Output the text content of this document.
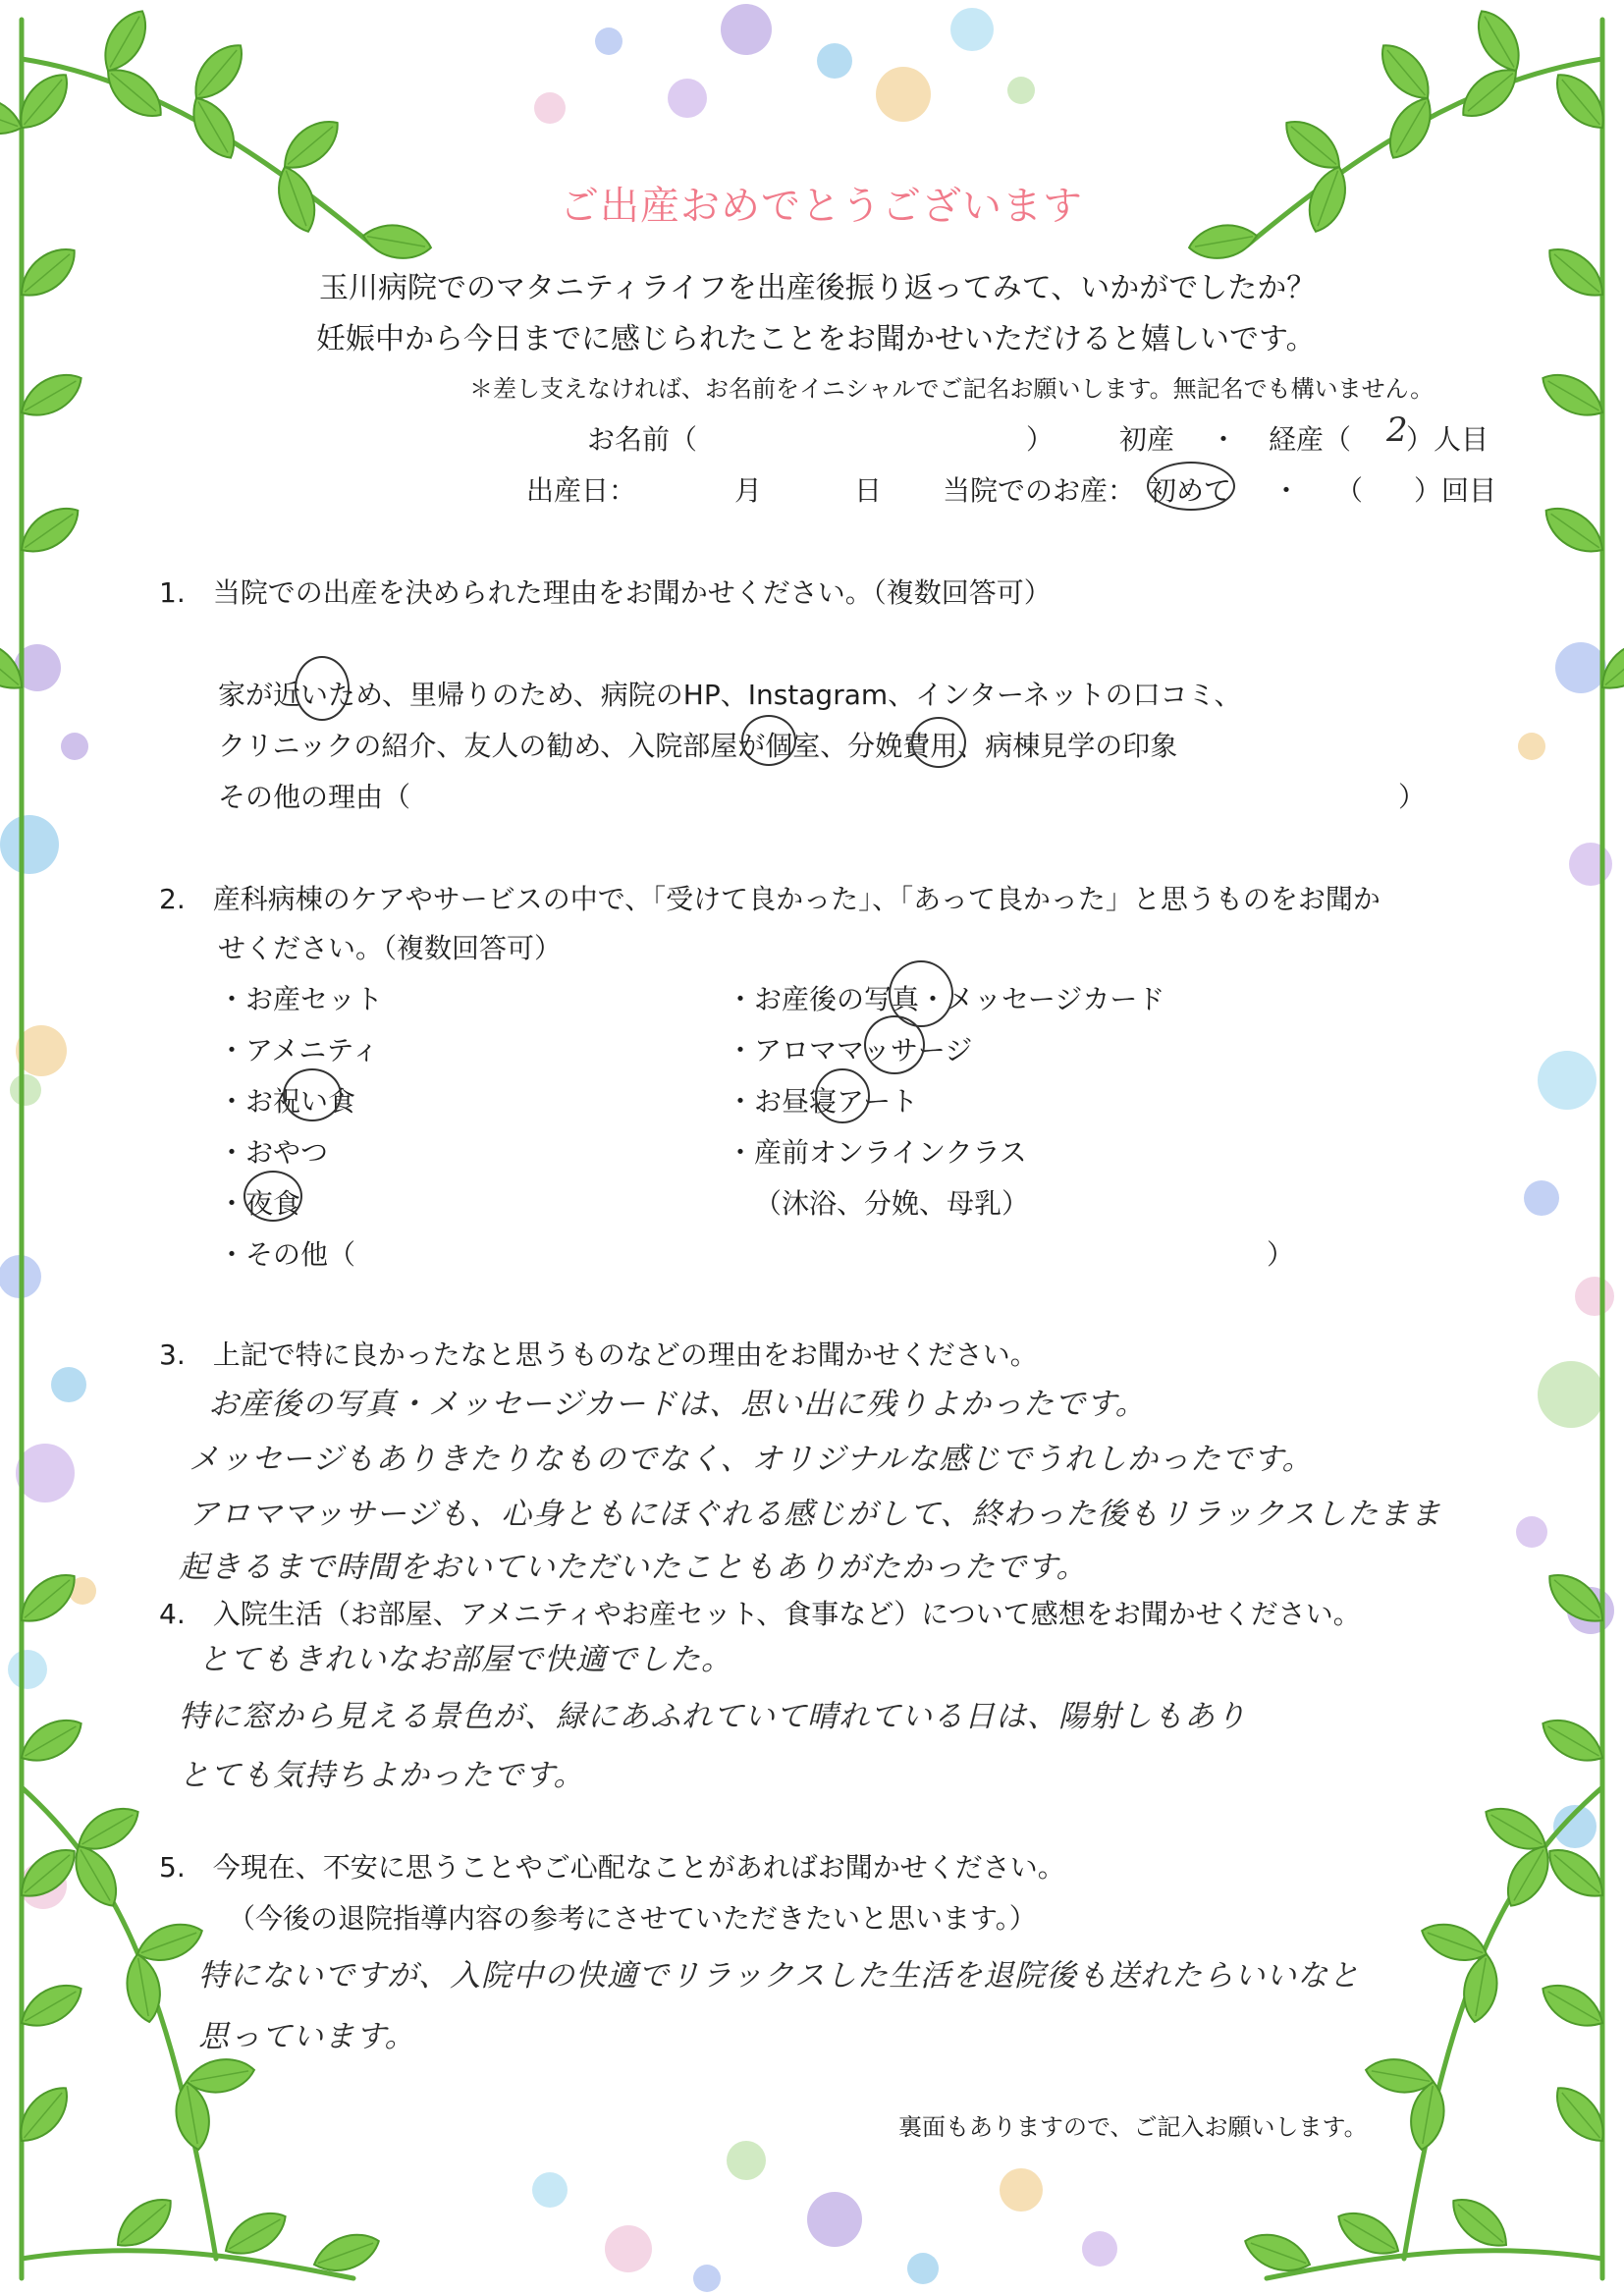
ご出産おめでとうございます
玉川病院でのマタニティライフを出産後振り返ってみて、いかがでしたか？
妊娠中から今日までに感じられたことをお聞かせいただけると嬉しいです。
＊差し支えなければ、お名前をイニシャルでご記名お願いします。無記名でも構いません。
お名前（	） 初産 ・ 経産（ 2
）人目
出産日：	月	日 当院でのお産： 初めて ・ （ ）回目
1.　当院での出産を決められた理由をお聞かせください。（複数回答可）
家が近いため、里帰りのため、病院のHP、Instagram、インターネットの口コミ、
クリニックの紹介、友人の勧め、入院部屋が個室、分娩費用、病棟見学の印象
その他の理由（	）
2.　産科病棟のケアやサービスの中で、「受けて良かった」、「あって良かった」と思うものをお聞か
せください。（複数回答可）
・お産セット
・アメニティ
・お祝い食
・おやつ
・夜食
・その他（	）
・お産後の写真・メッセージカード
・アロママッサージ
・お昼寝アート
・産前オンラインクラス
（沐浴、分娩、母乳）
3.　上記で特に良かったなと思うものなどの理由をお聞かせください。
お産後の写真・メッセージカードは、思い出に残りよかったです。
メッセージもありきたりなものでなく、オリジナルな感じでうれしかったです。
アロママッサージも、心身ともにほぐれる感じがして、終わった後もリラックスしたまま
起きるまで時間をおいていただいたこともありがたかったです。
4.　入院生活（お部屋、アメニティやお産セット、食事など）について感想をお聞かせください。
とてもきれいなお部屋で快適でした。
特に窓から見える景色が、緑にあふれていて晴れている日は、陽射しもあり
とても気持ちよかったです。
5.　今現在、不安に思うことやご心配なことがあればお聞かせください。
（今後の退院指導内容の参考にさせていただきたいと思います。）
特にないですが、入院中の快適でリラックスした生活を退院後も送れたらいいなと
思っています。
裏面もありますので、ご記入お願いします。
